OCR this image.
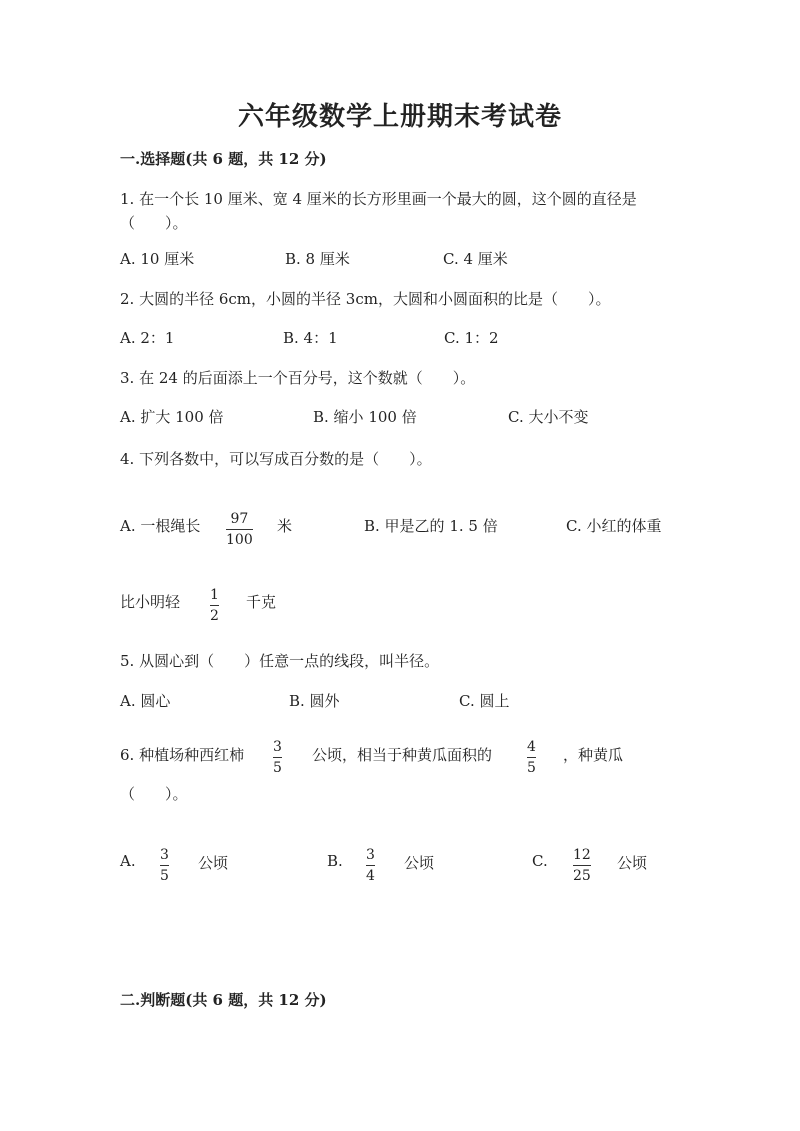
六年级数学上册期末考试卷
一.选择题(共 6 题，共 12 分)
1. 在一个长 10 厘米、宽 4 厘米的长方形里画一个最大的圆，这个圆的直径是
（　　）。
A. 10 厘米	B. 8 厘米	C. 4 厘米
2. 大圆的半径 6cm，小圆的半径 3cm，大圆和小圆面积的比是（　　）。
A. 2：1	B. 4：1	C. 1：2
3. 在 24 的后面添上一个百分号，这个数就（　　）。
A. 扩大 100 倍	B. 缩小 100 倍	C. 大小不变
4. 下列各数中，可以写成百分数的是（　　）。
A. 一根绳长 97
100
米	B. 甲是乙的 1. 5 倍	C. 小红的体重
比小明轻 1
2
千克
5. 从圆心到（　　）任意一点的线段，叫半径。
A. 圆心	B. 圆外	C. 圆上
6. 种植场种西红柿 3
5
公顷，相当于种黄瓜面积的 4
5
，种黄瓜
（　　）。
A. 3
5
公顷	B. 3
4
公顷	C. 12
25
公顷
二.判断题(共 6 题，共 12 分)
